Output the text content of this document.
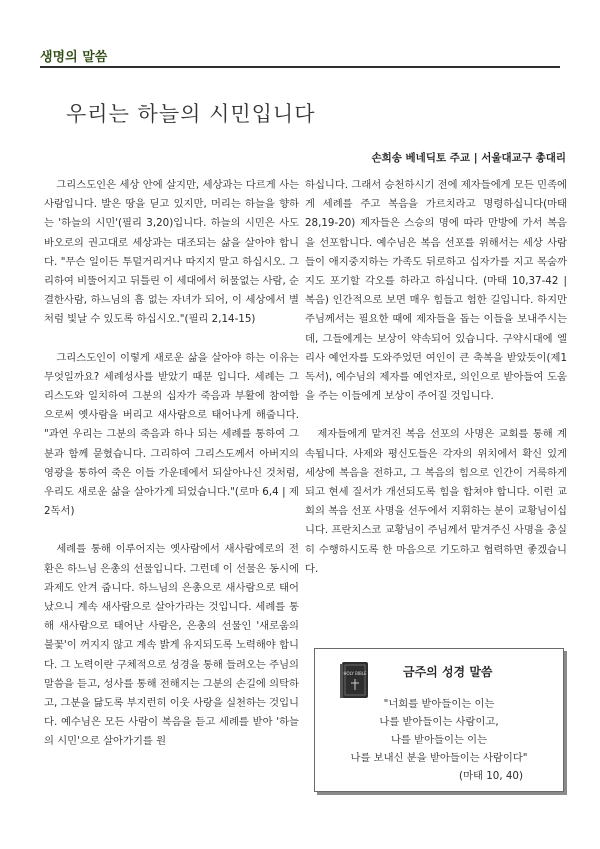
생명의 말씀
우리는 하늘의 시민입니다
손희송 베네딕토 주교 | 서울대교구 총대리

그리스도인은 세상 안에 살지만, 세상과는 다르게 사는 사람입니다. 발은 땅을 딛고 있지만, 머리는 하늘을 향하는 '하늘의 시민'(필리 3,20)입니다. 하늘의 시민은 사도 바오로의 권고대로 세상과는 대조되는 삶을 살아야 합니다. "무슨 일이든 투덜거리거나 따지지 말고 하십시오. 그리하여 비뚤어지고 뒤틀린 이 세대에서 허물없는 사람, 순결한사람, 하느님의 흠 없는 자녀가 되어, 이 세상에서 별처럼 빛날 수 있도록 하십시오."(필리 2,14-15)

그리스도인이 이렇게 새로운 삶을 살아야 하는 이유는 무엇일까요? 세례성사를 받았기 때문 입니다. 세례는 그리스도와 일치하여 그분의 십자가 죽음과 부활에 참여함으로써 옛사람을 버리고 새사람으로 태어나게 해줍니다. "과연 우리는 그분의 죽음과 하나 되는 세례를 통하여 그분과 함께 묻혔습니다. 그리하여 그리스도께서 아버지의 영광을 통하여 죽은 이들 가운데에서 되살아나신 것처럼, 우리도 새로운 삶을 살아가게 되었습니다."(로마 6,4 | 제2독서)

세례를 통해 이루어지는 옛사람에서 새사람에로의 전환은 하느님 은총의 선물입니다. 그런데 이 선물은 동시에 과제도 안겨 줍니다. 하느님의 은총으로 새사람으로 태어났으니 계속 새사람으로 살아가라는 것입니다. 세례를 통해 새사람으로 태어난 사람은, 은총의 선물인 '새로움의 불꽃'이 꺼지지 않고 계속 밝게 유지되도록 노력해야 합니다. 그 노력이란 구체적으로 성경을 통해 들려오는 주님의 말씀을 듣고, 성사를 통해 전해지는 그분의 손길에 의탁하고, 그분을 닮도록 부지런히 이웃 사랑을 실천하는 것입니다. 예수님은 모든 사람이 복음을 듣고 세례를 받아 '하늘의 시민'으로 살아가기를 원

하십니다. 그래서 승천하시기 전에 제자들에게 모든 민족에게 세례를 주고 복음을 가르치라고 명령하십니다(마태 28,19-20) 제자들은 스승의 명에 따라 만방에 가서 복음을 선포합니다. 예수님은 복음 선포를 위해서는 세상 사람들이 애지중지하는 가족도 뒤로하고 십자가를 지고 목숨까지도 포기할 각오를 하라고 하십니다. (마태 10,37-42 | 복음) 인간적으로 보면 매우 힘들고 험한 길입니다. 하지만 주님께서는 필요한 때에 제자들을 돕는 이들을 보내주시는데, 그들에게는 보상이 약속되어 있습니다. 구약시대에 엘리사 예언자를 도와주었던 여인이 큰 축복을 받았듯이(제1독서), 예수님의 제자를 예언자로, 의인으로 받아들여 도움을 주는 이들에게 보상이 주어질 것입니다.

제자들에게 맡겨진 복음 선포의 사명은 교회를 통해 계속됩니다. 사제와 평신도들은 각자의 위치에서 확신 있게 세상에 복음을 전하고, 그 복음의 힘으로 인간이 거룩하게 되고 현세 질서가 개선되도록 힘을 합쳐야 합니다. 이런 교회의 복음 선포 사명을 선두에서 지휘하는 분이 교황님이십니다. 프란치스코 교황님이 주님께서 맡겨주신 사명을 충실히 수행하시도록 한 마음으로 기도하고 협력하면 좋겠습니다.

HOLY BIBLE	금주의 성경 말씀
"너희를 받아들이는 이는
나를 받아들이는 사람이고,
나를 받아들이는 이는
나를 보내신 분을 받아들이는 사람이다"
(마태 10, 40)
